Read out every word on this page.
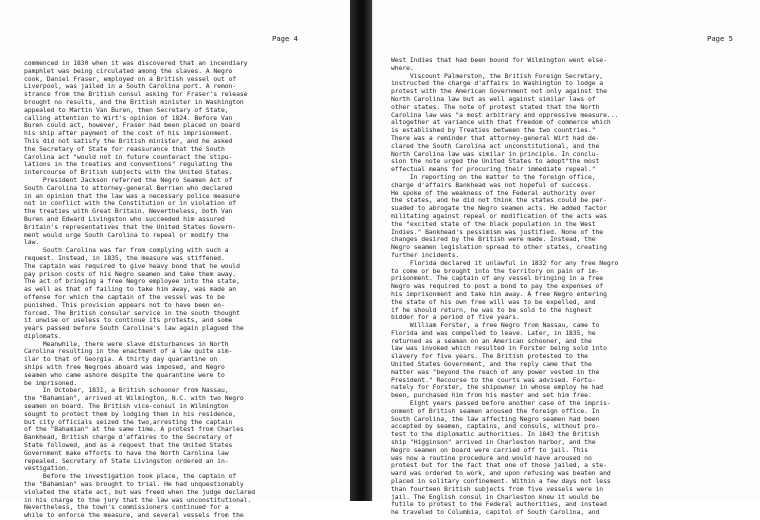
Page 4
commenced in 1830 when it was discovered that an incendiary
pamphlet was being circulated among the slaves. A Negro
cook, Daniel Fraser, employed on a British vessel out of
Liverpool, was jailed in a South Carolina port. A remon-
strance from the British consul asking for Fraser's release
brought no results, and the British minister in Washington
appealed to Martin Van Buren, then Secretary of State,
calling attention to Wirt's opinion of 1824. Before Van
Buren could act, however, Fraser had been placed on board
his ship after payment of the cost of his imprisonment.
This did not satisfy the British minister, and he asked
the Secretary of State for reassurance that the South
Carolina act "would not in future counteract the stipu-
lations in the treaties and conventions" regulating the
intercourse of British subjects with the United States.
President Jackson referred the Negro Seamen Act of
South Carolina to attorney-general Berrien who declared
in an opinion that the law was a necessary police measure
not in conflict with the Constitution or in violation of
the treaties with Great Britain. Nevertheless, both Van
Buren and Edward Livingston who succeeded him assured
Britain's representatives that the United States Govern-
ment would urge South Carolina to repeal or modify the
law.
South Carolina was far from complying with such a
request. Instead, in 1835, the measure was stiffened.
The captain was required to give heavy bond that he would
pay prison costs of his Negro seamen and take them away.
The act of bringing a free Negro employee into the state,
as well as that of failing to take him away, was made an
offense for which the captain of the vessel was to be
punished. This provision appears not to have been en-
forced. The British consular service in the south thought
it unwise or useless to continue its protests, and some
years passed before South Carolina's law again plagued the
diplomats.
Meanwhile, there were slave disturbances in North
Carolina resulting in the enactment of a law quite sim-
ilar to that of Georgia. A thirty day quarantine on
ships with free Negroes aboard was imposed, and Negro
seamen who came ashore despite the quarantine were to
be imprisoned.
In October, 1831, a British schooner from Nassau,
the "Bahamian", arrived at Wilmington, N.C. with two Negro
seamen on board. The British vice-consul in Wilmington
sought to protect them by lodging them in his residence,
but city officials seized the two,arresting the captain
of the "Bahamian" at the same time. A protest from Charles
Bankhead, British charge d'affaires to the Secretary of
State followed, and as a request that the United States
Government make efforts to have the North Carolina law
repealed. Secretary of State Livingston ordered an in-
vestigation.
Before the investigation took place, the captain of
the "Bahamian" was brought to trial. He had unquestionably
violated the state act, but was freed when the judge declared
in his charge to the jury that the law was unconstitutional.
Nevertheless, the town's commissioners continued for a
while to enforce the measure, and several vessels from the
Page 5
West Indies that had been bound for Wilmington went else-
where.
Viscount Palmerston, the British Foreign Secretary,
instructed the charge d'affairs in Washington to lodge a
protest with the American Government not only against the
North Carolina law but as well against similar laws of
other states. The note of protest stated that the North
Carolina law was "a most arbitrary and oppressive measure...
altogether at variance with that freedom of commerce which
is established by Treaties between the two countries."
There was a reminder that attorney-general Wirt had de-
clared the South Carolina act unconstitutional, and the
North Carolina law was similar in principle. In conclu-
sion the note urged the United States to adopt"the most
effectual means for procuring their immediate repeal."
In reporting on the matter to the foreign office,
charge d'affairs Bankhead was not hopeful of success.
He spoke of the weakness of the Federal authority over
the states, and he did not think the states could be per-
suaded to abrogate the Negro seamen acts. He added factor
militating against repeal or modification of the acts was
the "excited state of the black population in the West
Indies." Bankhead's pessimism was justified. None of the
changes desired by the British were made. Instead, the
Negro seamen legislation spread to other states, creating
further incidents.
Florida declared it unlawful in 1832 for any free Negro
to come or be brought into the territory on pain of im-
prisonment. The captain of any vessel bringing in a free
Negro was required to post a bond to pay the expenses of
his imprisonment and take him away. A free Negro entering
the state of his own free will was to be expelled, and
if he should return, he was to be sold to the highest
bidder for a period of five years.
William Forster, a free Negro from Nassau, came to
Florida and was compelled to leave. Later, in 1835, he
returned as a seaman on an American schooner, and the
law was invoked which resulted in Forster being sold into
slavery for five years. The British protested to the
United States Government, and the reply came that the
matter was "beyond the reach of any power vested in the
President." Recourse to the courts was advised. Fortu-
nately for Forster, the shipowner in whose employ he had
been, purchased him from his master and set him free.
Eight years passed before another case of the impris-
onment of British seamen aroused the foreign office. In
South Carolina, the law affecting Negro seamen had been
accepted by seamen, captains, and consuls, without pro-
test to the diplomatic authorities. In 1843 the British
ship "Higginson" arrived in Charleston harbor, and the
Negro seamen on board were carried off to jail. This
was now a routine procedure and would have aroused no
protest but for the fact that one of those jailed, a ste-
ward was ordered to work, and upon refusing was beaten and
placed in solitary confinement. Within a few days not less
than fourteen British subjects from five vessels were in
jail. The English consul in Charleston knew it would be
futile to protest to the Federal authorities, and instead
he traveled to Columbia, capitol of South Carolina, and
